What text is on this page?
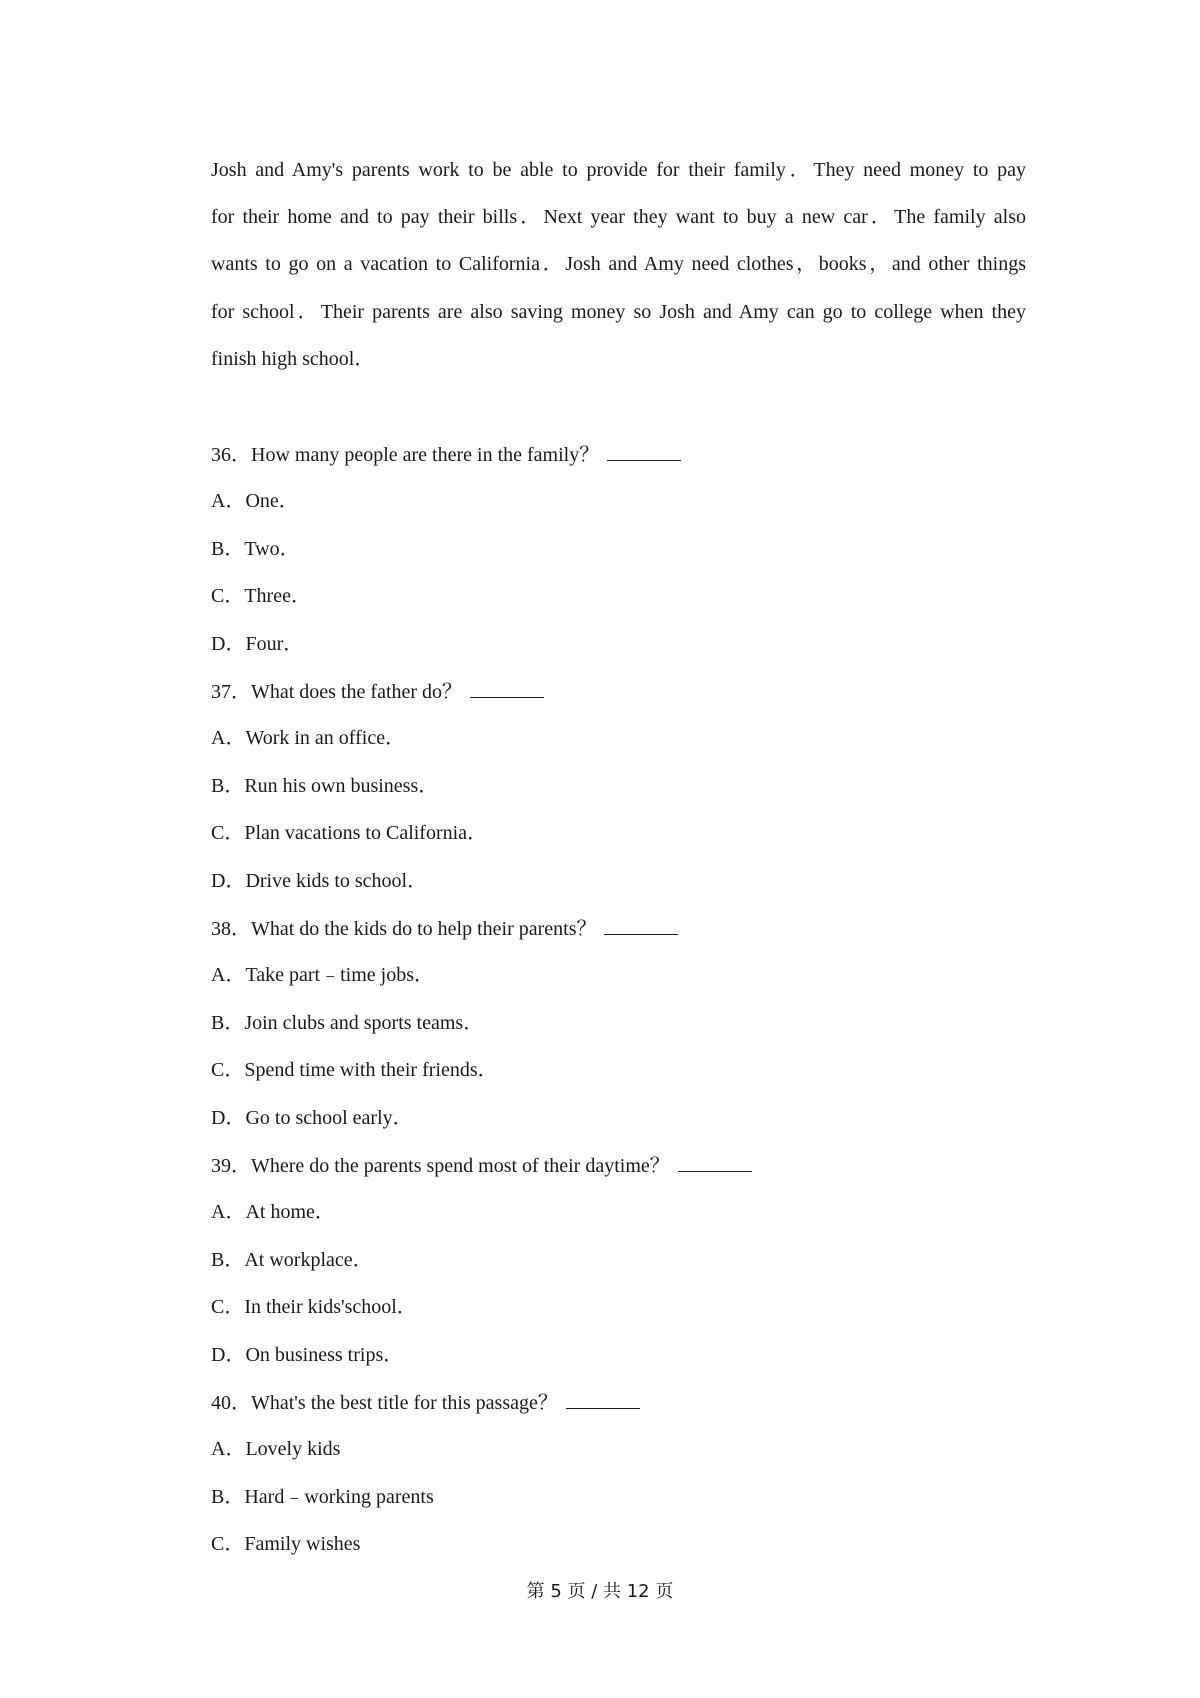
Josh and Amy's parents work to be able to provide for their family．They need money to pay
for their home and to pay their bills．Next year they want to buy a new car．The family also
wants to go on a vacation to California．Josh and Amy need clothes，books，and other things
for school．Their parents are also saving money so Josh and Amy can go to college when they
finish high school．
36．How many people are there in the family？
A．One．
B．Two．
C．Three．
D．Four．
37．What does the father do？
A．Work in an office．
B．Run his own business．
C．Plan vacations to California．
D．Drive kids to school．
38．What do the kids do to help their parents？
A．Take part﹣time jobs．
B．Join clubs and sports teams．
C．Spend time with their friends．
D．Go to school early．
39．Where do the parents spend most of their daytime？
A．At home．
B．At workplace．
C．In their kids'school．
D．On business trips．
40．What's the best title for this passage？
A．Lovely kids
B．Hard﹣working parents
C．Family wishes
第 5 页 / 共 12 页
